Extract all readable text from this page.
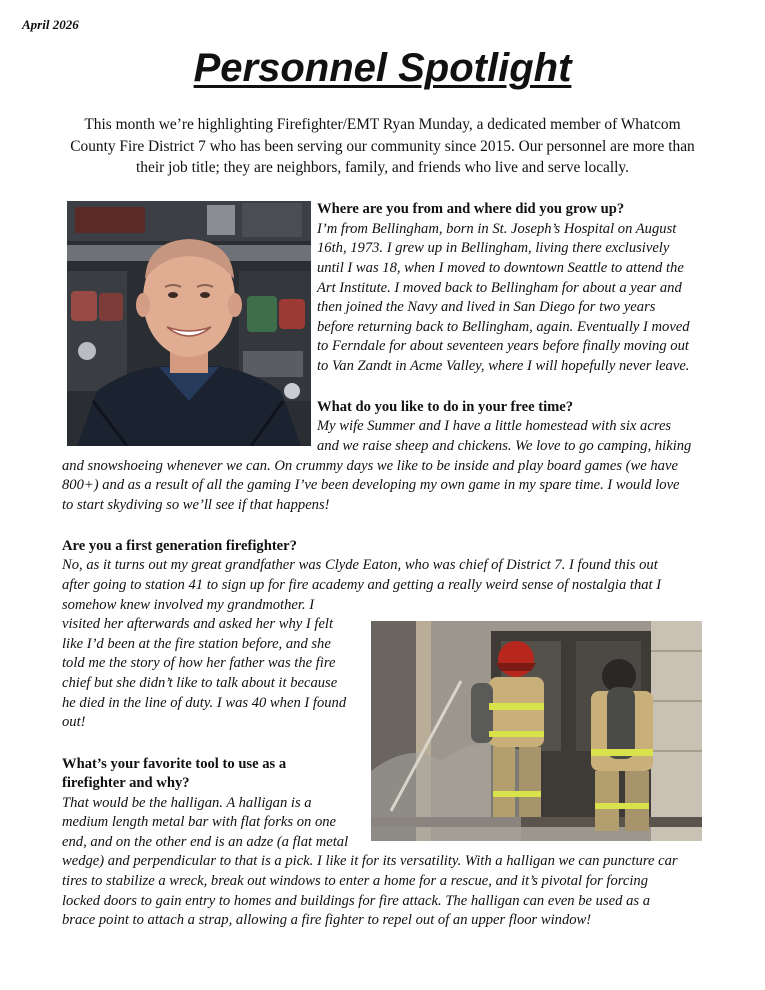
April 2026
Personnel Spotlight
This month we’re highlighting Firefighter/EMT Ryan Munday, a dedicated member of Whatcom County Fire District 7 who has been serving our community since 2015. Our personnel are more than their job title; they are neighbors, family, and friends who live and serve locally.
Where are you from and where did you grow up?
I’m from Bellingham, born in St. Joseph’s Hospital on August
16th, 1973. I grew up in Bellingham, living there exclusively
until I was 18, when I moved to downtown Seattle to attend the
Art Institute. I moved back to Bellingham for about a year and
then joined the Navy and lived in San Diego for two years
before returning back to Bellingham, again. Eventually I moved
to Ferndale for about seventeen years before finally moving out
to Van Zandt in Acme Valley, where I will hopefully never leave.
What do you like to do in your free time?
My wife Summer and I have a little homestead with six acres
and we raise sheep and chickens. We love to go camping, hiking
and snowshoeing whenever we can. On crummy days we like to be inside and play board games (we have
800+) and as a result of all the gaming I’ve been developing my own game in my spare time. I would love
to start skydiving so we’ll see if that happens!
Are you a first generation firefighter?
No, as it turns out my great grandfather was Clyde Eaton, who was chief of District 7. I found this out
after going to station 41 to sign up for fire academy and getting a really weird sense of nostalgia that I
somehow knew involved my grandmother. I
visited her afterwards and asked her why I felt
like I’d been at the fire station before, and she
told me the story of how her father was the fire
chief but she didn’t like to talk about it because
he died in the line of duty. I was 40 when I found
out!
What’s your favorite tool to use as a
firefighter and why?
That would be the halligan. A halligan is a
medium length metal bar with flat forks on one
end, and on the other end is an adze (a flat metal
wedge) and perpendicular to that is a pick. I like it for its versatility. With a halligan we can puncture car
tires to stabilize a wreck, break out windows to enter a home for a rescue, and it’s pivotal for forcing
locked doors to gain entry to homes and buildings for fire attack. The halligan can even be used as a
brace point to attach a strap, allowing a fire fighter to repel out of an upper floor window!
